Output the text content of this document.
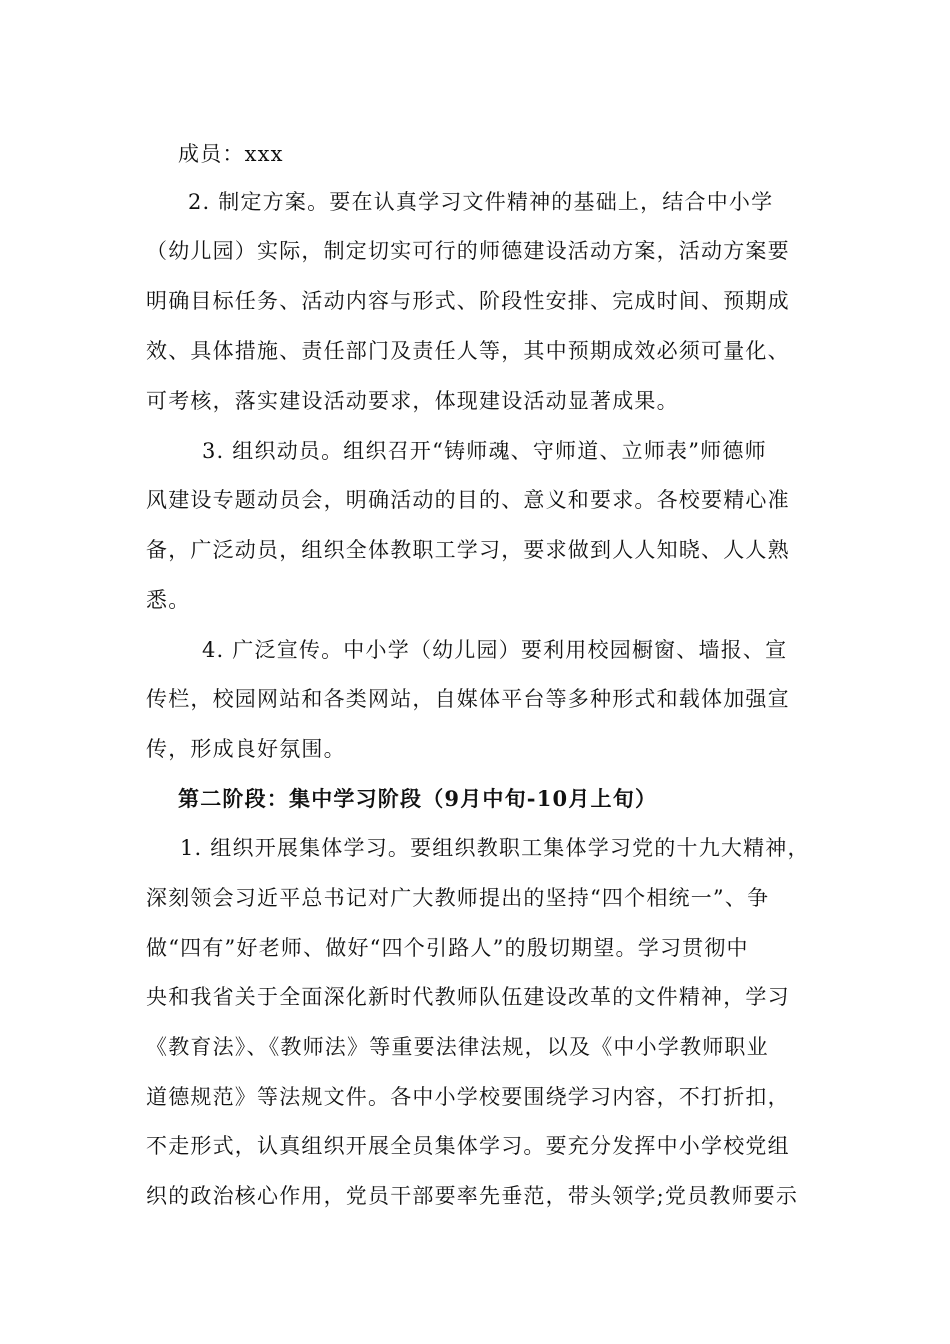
成员：xxx
2. 制定方案。要在认真学习文件精神的基础上，结合中小学
（幼儿园）实际，制定切实可行的师德建设活动方案，活动方案要
明确目标任务、活动内容与形式、阶段性安排、完成时间、预期成
效、具体措施、责任部门及责任人等，其中预期成效必须可量化、
可考核，落实建设活动要求，体现建设活动显著成果。
3. 组织动员。组织召开“铸师魂、守师道、立师表”师德师
风建设专题动员会，明确活动的目的、意义和要求。各校要精心准
备，广泛动员，组织全体教职工学习，要求做到人人知晓、人人熟
悉。
4. 广泛宣传。中小学（幼儿园）要利用校园橱窗、墙报、宣
传栏，校园网站和各类网站，自媒体平台等多种形式和载体加强宣
传，形成良好氛围。
第二阶段：集中学习阶段（9月中旬-10月上旬）
1. 组织开展集体学习。要组织教职工集体学习党的十九大精神，
深刻领会习近平总书记对广大教师提出的坚持“四个相统一”、争
做“四有”好老师、做好“四个引路人”的殷切期望。学习贯彻中
央和我省关于全面深化新时代教师队伍建设改革的文件精神，学习
《教育法》、《教师法》等重要法律法规，以及《中小学教师职业
道德规范》等法规文件。各中小学校要围绕学习内容，不打折扣，
不走形式，认真组织开展全员集体学习。要充分发挥中小学校党组
织的政治核心作用，党员干部要率先垂范，带头领学;党员教师要示
